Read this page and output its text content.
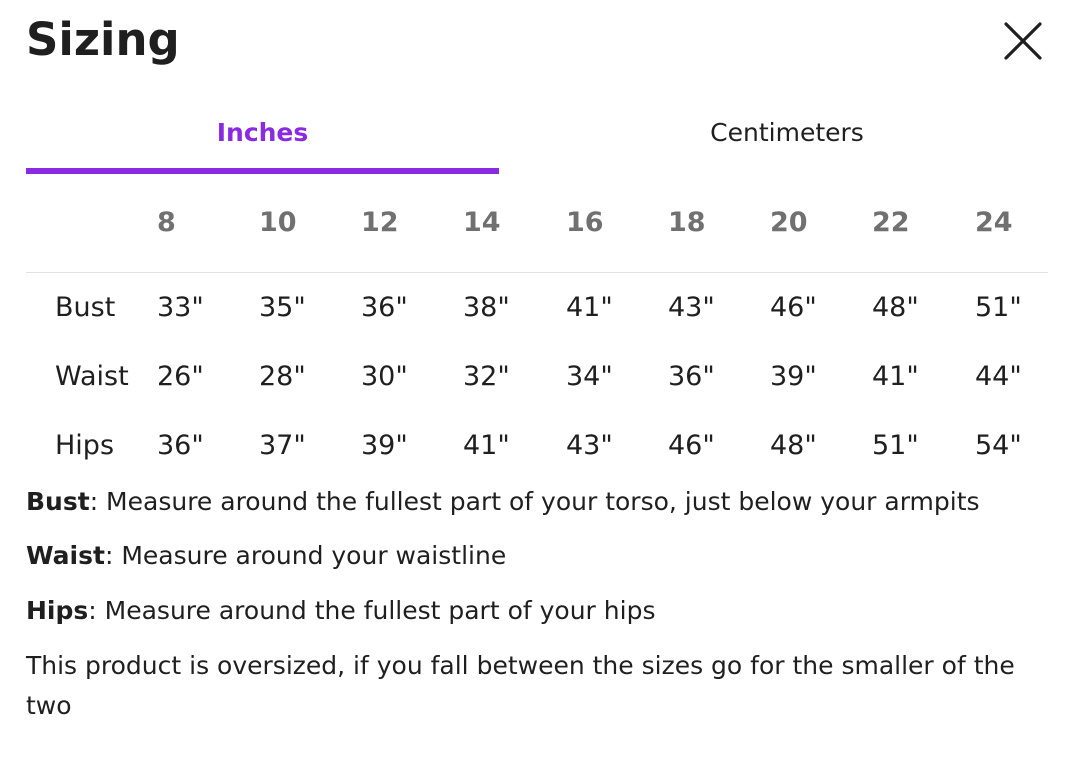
Sizing
Inches	Centimeters
8	10 12 14 16 18 20 22 24
Bust 33" 35" 36" 38" 41" 43" 46" 48" 51"
Waist 26" 28" 30" 32" 34" 36" 39" 41" 44"
Hips 36" 37" 39" 41" 43" 46" 48" 51" 54"
Bust: Measure around the fullest part of your torso, just below your armpits
Waist: Measure around your waistline
Hips: Measure around the fullest part of your hips
This product is oversized, if you fall between the sizes go for the smaller of the two
